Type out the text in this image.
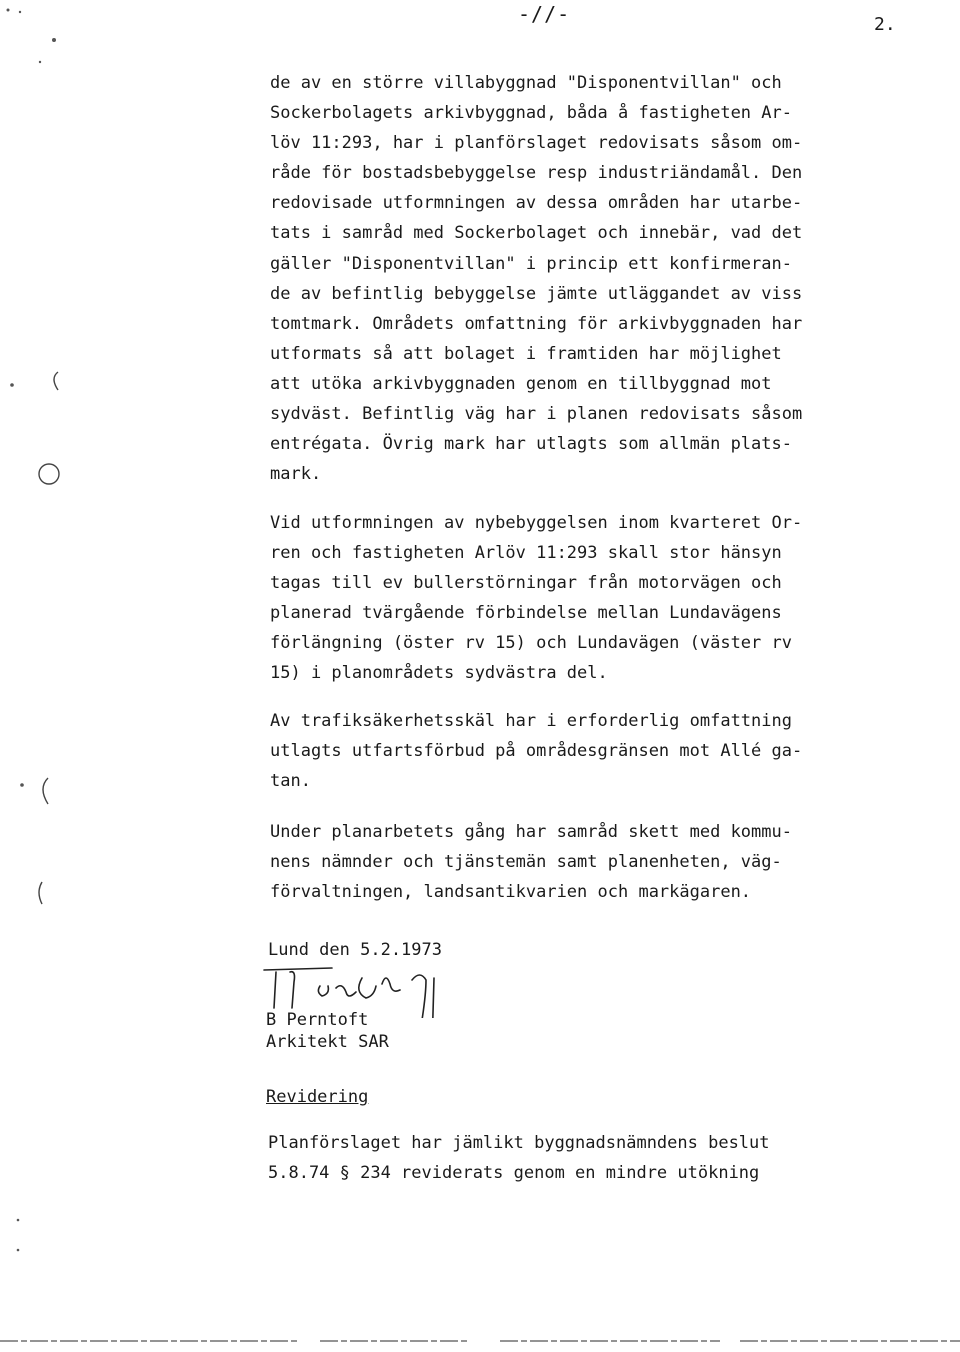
-//-	2.
de av en större villabyggnad "Disponentvillan" och
Sockerbolagets arkivbyggnad, båda å fastigheten Ar-
löv 11:293, har i planförslaget redovisats såsom om-
råde för bostadsbebyggelse resp industriändamål. Den
redovisade utformningen av dessa områden har utarbe-
tats i samråd med Sockerbolaget och innebär, vad det
gäller "Disponentvillan" i princip ett konfirmeran-
de av befintlig bebyggelse jämte utläggandet av viss
tomtmark. Områdets omfattning för arkivbyggnaden har
utformats så att bolaget i framtiden har möjlighet
att utöka arkivbyggnaden genom en tillbyggnad mot
sydväst. Befintlig väg har i planen redovisats såsom
entrégata. Övrig mark har utlagts som allmän plats-
mark.
Vid utformningen av nybebyggelsen inom kvarteret Or-
ren och fastigheten Arlöv 11:293 skall stor hänsyn
tagas till ev bullerstörningar från motorvägen och
planerad tvärgående förbindelse mellan Lundavägens
förlängning (öster rv 15) och Lundavägen (väster rv
15) i planområdets sydvästra del.
Av trafiksäkerhetsskäl har i erforderlig omfattning
utlagts utfartsförbud på områdesgränsen mot Allé ga-
tan.
Under planarbetets gång har samråd skett med kommu-
nens nämnder och tjänstemän samt planenheten, väg-
förvaltningen, landsantikvarien och markägaren.
Lund den 5.2.1973
B Perntoft
Arkitekt SAR
Revidering
Planförslaget har jämlikt byggnadsnämndens beslut
5.8.74 § 234 reviderats genom en mindre utökning
